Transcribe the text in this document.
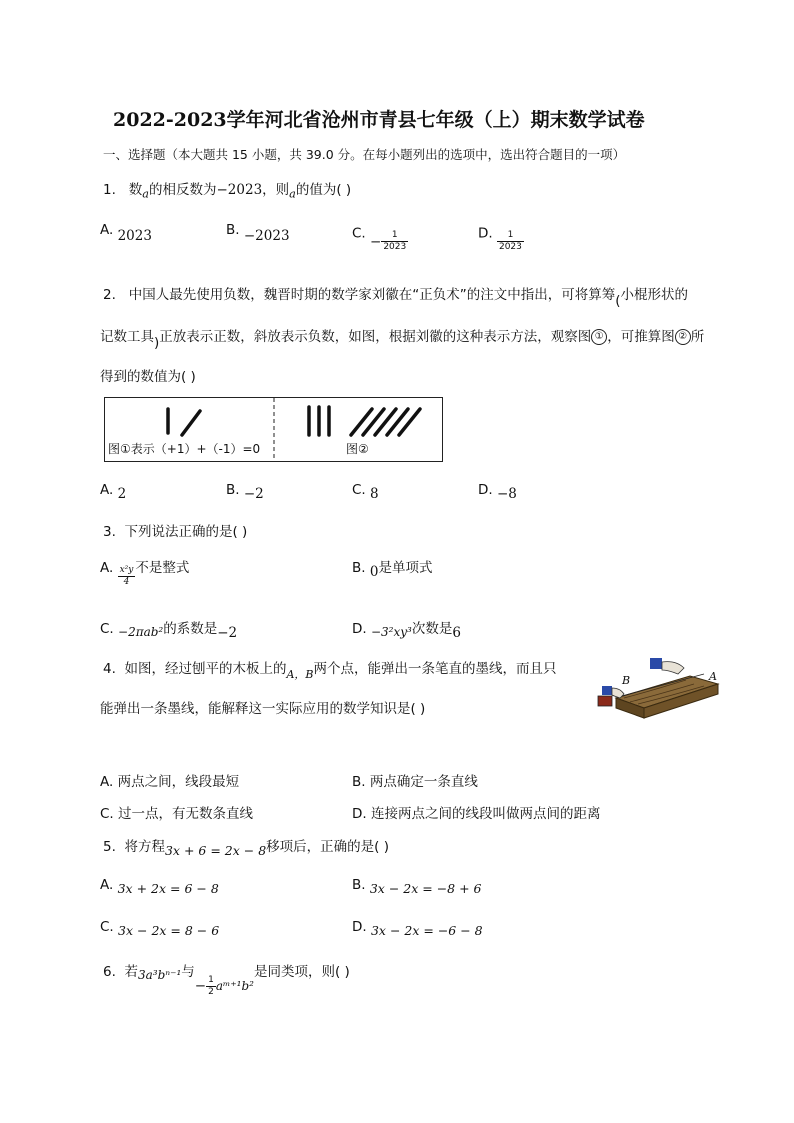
2022-2023学年河北省沧州市青县七年级（上）期末数学试卷
一、选择题（本大题共 15 小题，共 39.0 分。在每小题列出的选项中，选出符合题目的一项）
1. 数$_a$的相反数为−2023，则$_a$的值为( )
A. 2023	B. −2023	C. − $\frac{1}{2023}$	D. $\frac{1}{2023}$
2. 中国人最先使用负数，魏晋时期的数学家刘徽在“正负术”的注文中指出，可将算筹(小棍形状的
记数工具)正放表示正数，斜放表示负数，如图，根据刘徽的这种表示方法，观察图 ① ，可推算图 ② 所
得到的数值为( )
图①表示（+1）+（-1）=0	图②
A. 2	B. −2	C. 8	D. −8
3. 下列说法正确的是( )
A. $\frac{\text{x²y}}{4}$ 不是整式	B. 0是单项式
C. −2πab²的系数是−2	D. −3²xy³次数是6
4. 如图，经过刨平的木板上的$_{A,B}$两个点，能弹出一条笔直的墨线，而且只
能弹出一条墨线，能解释这一实际应用的数学知识是( )
B	A
A. 两点之间，线段最短	B. 两点确定一条直线
C. 过一点，有无数条直线	D. 连接两点之间的线段叫做两点间的距离
5. 将方程3x + 6 = 2x − 8移项后，正确的是( )
A. 3x + 2x = 6 − 8	B. 3x − 2x = −8 + 6
C. 3x − 2x = 8 − 6	D. 3x − 2x = −6 − 8
6. 若3a³bⁿ⁻¹与− $\frac{1}{2}$ aᵐ⁺¹b²是同类项，则( )
